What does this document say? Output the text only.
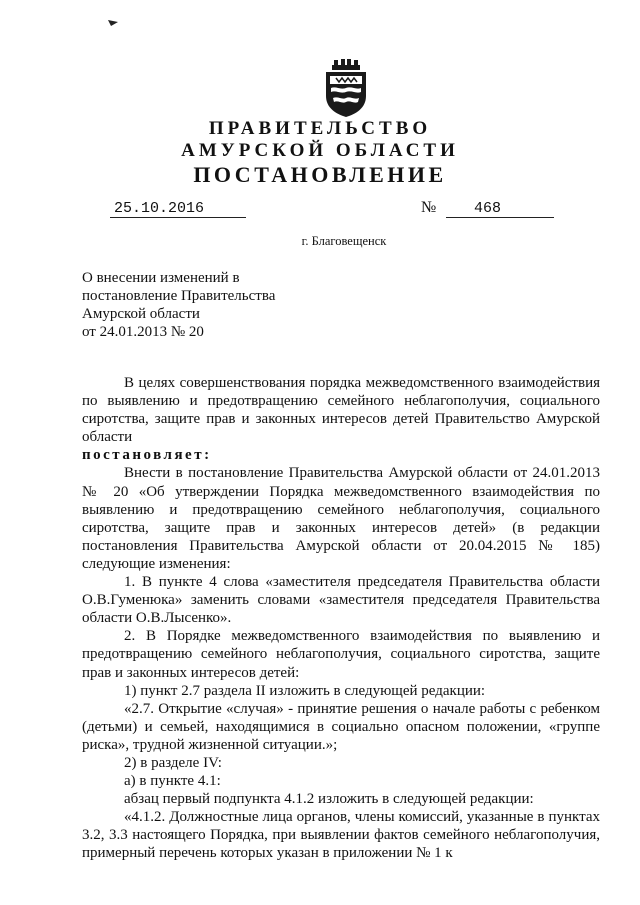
ПРАВИТЕЛЬСТВО
АМУРСКОЙ ОБЛАСТИ
ПОСТАНОВЛЕНИЕ
25.10.2016	№	468
г. Благовещенск
О внесении изменений в
постановление Правительства
Амурской области
от 24.01.2013 № 20

В целях совершенствования порядка межведомственного взаимодействия по выявлению и предотвращению семейного неблагополучия, социального сиротства, защите прав и законных интересов детей Правительство Амурской области

постановляет:

Внести в постановление Правительства Амурской области от 24.01.2013 № 20 «Об утверждении Порядка межведомственного взаимодействия по выявлению и предотвращению семейного неблагополучия, социального сиротства, защите прав и законных интересов детей» (в редакции постановления Правительства Амурской области от 20.04.2015 № 185) следующие изменения:

1. В пункте 4 слова «заместителя председателя Правительства области О.В.Гуменюка» заменить словами «заместителя председателя Правительства области О.В.Лысенко».

2. В Порядке межведомственного взаимодействия по выявлению и предотвращению семейного неблагополучия, социального сиротства, защите прав и законных интересов детей:

1) пункт 2.7 раздела II изложить в следующей редакции:

«2.7. Открытие «случая» - принятие решения о начале работы с ребенком (детьми) и семьей, находящимися в социально опасном положении, «группе риска», трудной жизненной ситуации.»;

2) в разделе IV:

а) в пункте 4.1:

абзац первый подпункта 4.1.2 изложить в следующей редакции:

«4.1.2. Должностные лица органов, члены комиссий, указанные в пунктах 3.2, 3.3 настоящего Порядка, при выявлении фактов семейного неблагополучия, примерный перечень которых указан в приложении № 1 к
